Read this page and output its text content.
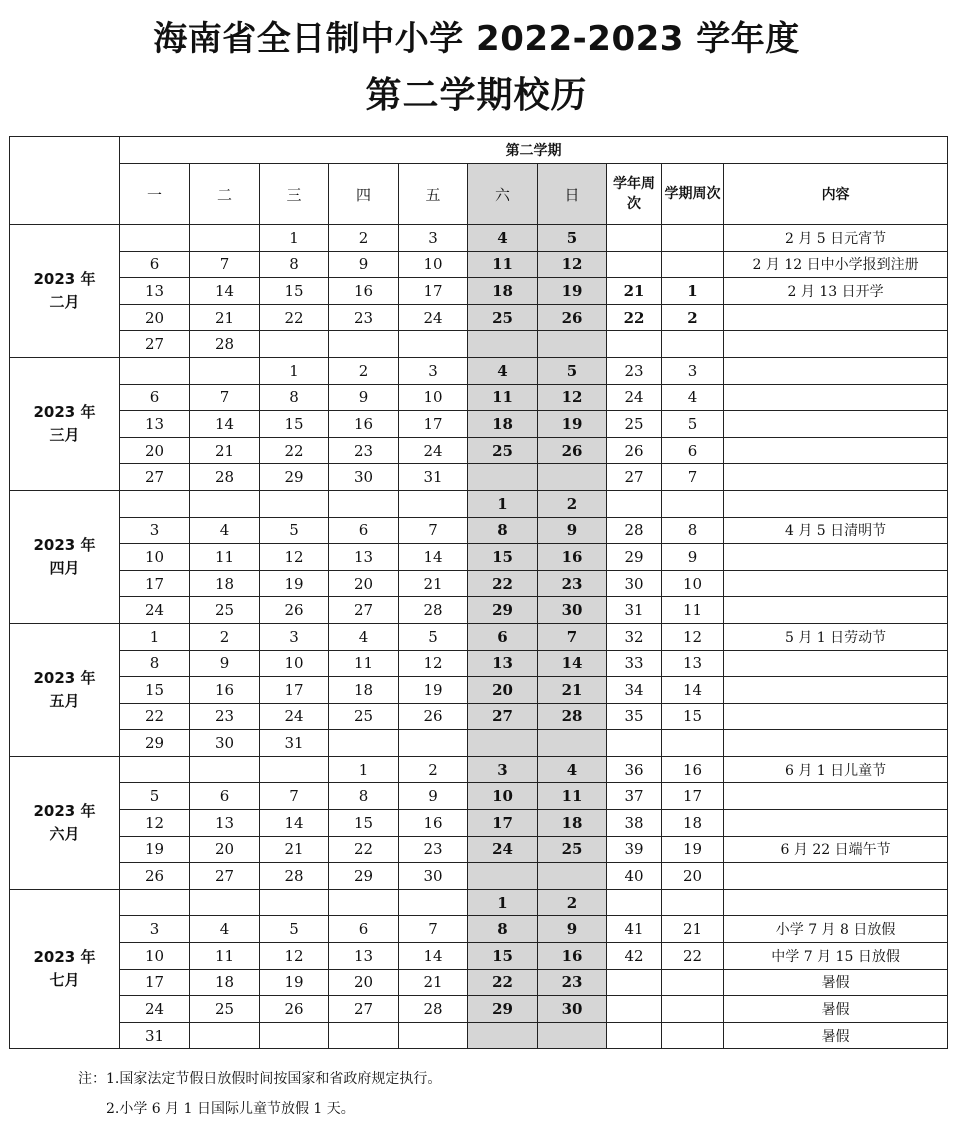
海南省全日制中小学 2022-2023 学年度
第二学期校历
	第二学期									
	一	二	三	四	五	六	日	学年周次	学期周次	内容

2023 年
二月			1	2	3	4	5			2 月 5 日元宵节
	6	7	8	9	10	11	12			2 月 12 日中小学报到注册
	13	14	15	16	17	18	19	21	1	2 月 13 日开学
	20	21	22	23	24	25	26	22	2	
	27	28								

2023 年
三月			1	2	3	4	5	23	3	
	6	7	8	9	10	11	12	24	4	
	13	14	15	16	17	18	19	25	5	
	20	21	22	23	24	25	26	26	6	
	27	28	29	30	31			27	7	

2023 年
四月						1	2			
	3	4	5	6	7	8	9	28	8	4 月 5 日清明节
	10	11	12	13	14	15	16	29	9	
	17	18	19	20	21	22	23	30	10	
	24	25	26	27	28	29	30	31	11	

2023 年
五月	1	2	3	4	5	6	7	32	12	5 月 1 日劳动节
	8	9	10	11	12	13	14	33	13	
	15	16	17	18	19	20	21	34	14	
	22	23	24	25	26	27	28	35	15	
	29	30	31							

2023 年
六月				1	2	3	4	36	16	6 月 1 日儿童节
	5	6	7	8	9	10	11	37	17	
	12	13	14	15	16	17	18	38	18	
	19	20	21	22	23	24	25	39	19	6 月 22 日端午节
	26	27	28	29	30			40	20	

2023 年
七月						1	2			
	3	4	5	6	7	8	9	41	21	小学 7 月 8 日放假
	10	11	12	13	14	15	16	42	22	中学 7 月 15 日放假
	17	18	19	20	21	22	23			暑假
	24	25	26	27	28	29	30			暑假
	31									暑假
注：1.国家法定节假日放假时间按国家和省政府规定执行。
2.小学 6 月 1 日国际儿童节放假 1 天。
